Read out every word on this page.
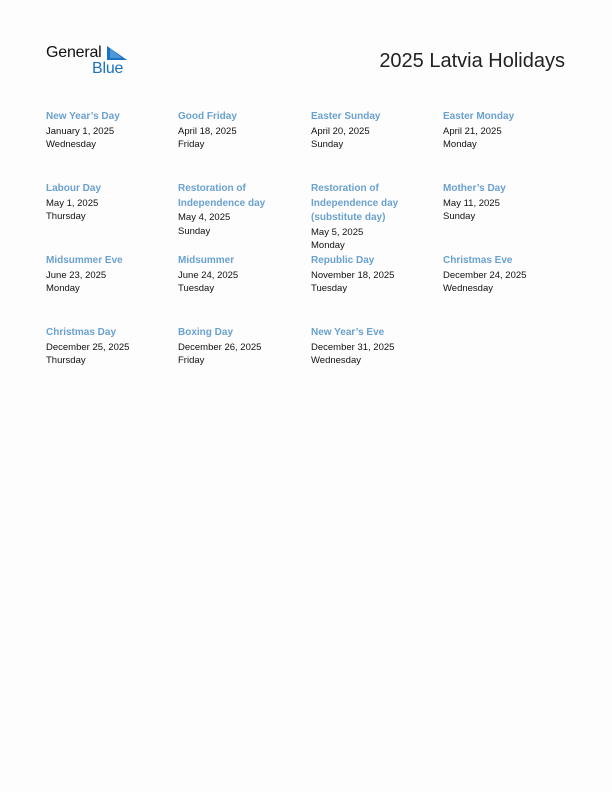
General
Blue	2025 Latvia Holidays
New Year’s Day
January 1, 2025
Wednesday
Good Friday
April 18, 2025
Friday
Easter Sunday
April 20, 2025
Sunday
Easter Monday
April 21, 2025
Monday
Labour Day
May 1, 2025
Thursday
Restoration of Independence day
May 4, 2025
Sunday
Restoration of Independence day (substitute day)
May 5, 2025
Monday
Mother’s Day
May 11, 2025
Sunday
Midsummer Eve
June 23, 2025
Monday
Midsummer
June 24, 2025
Tuesday
Republic Day
November 18, 2025
Tuesday
Christmas Eve
December 24, 2025
Wednesday
Christmas Day
December 25, 2025
Thursday
Boxing Day
December 26, 2025
Friday
New Year’s Eve
December 31, 2025
Wednesday
